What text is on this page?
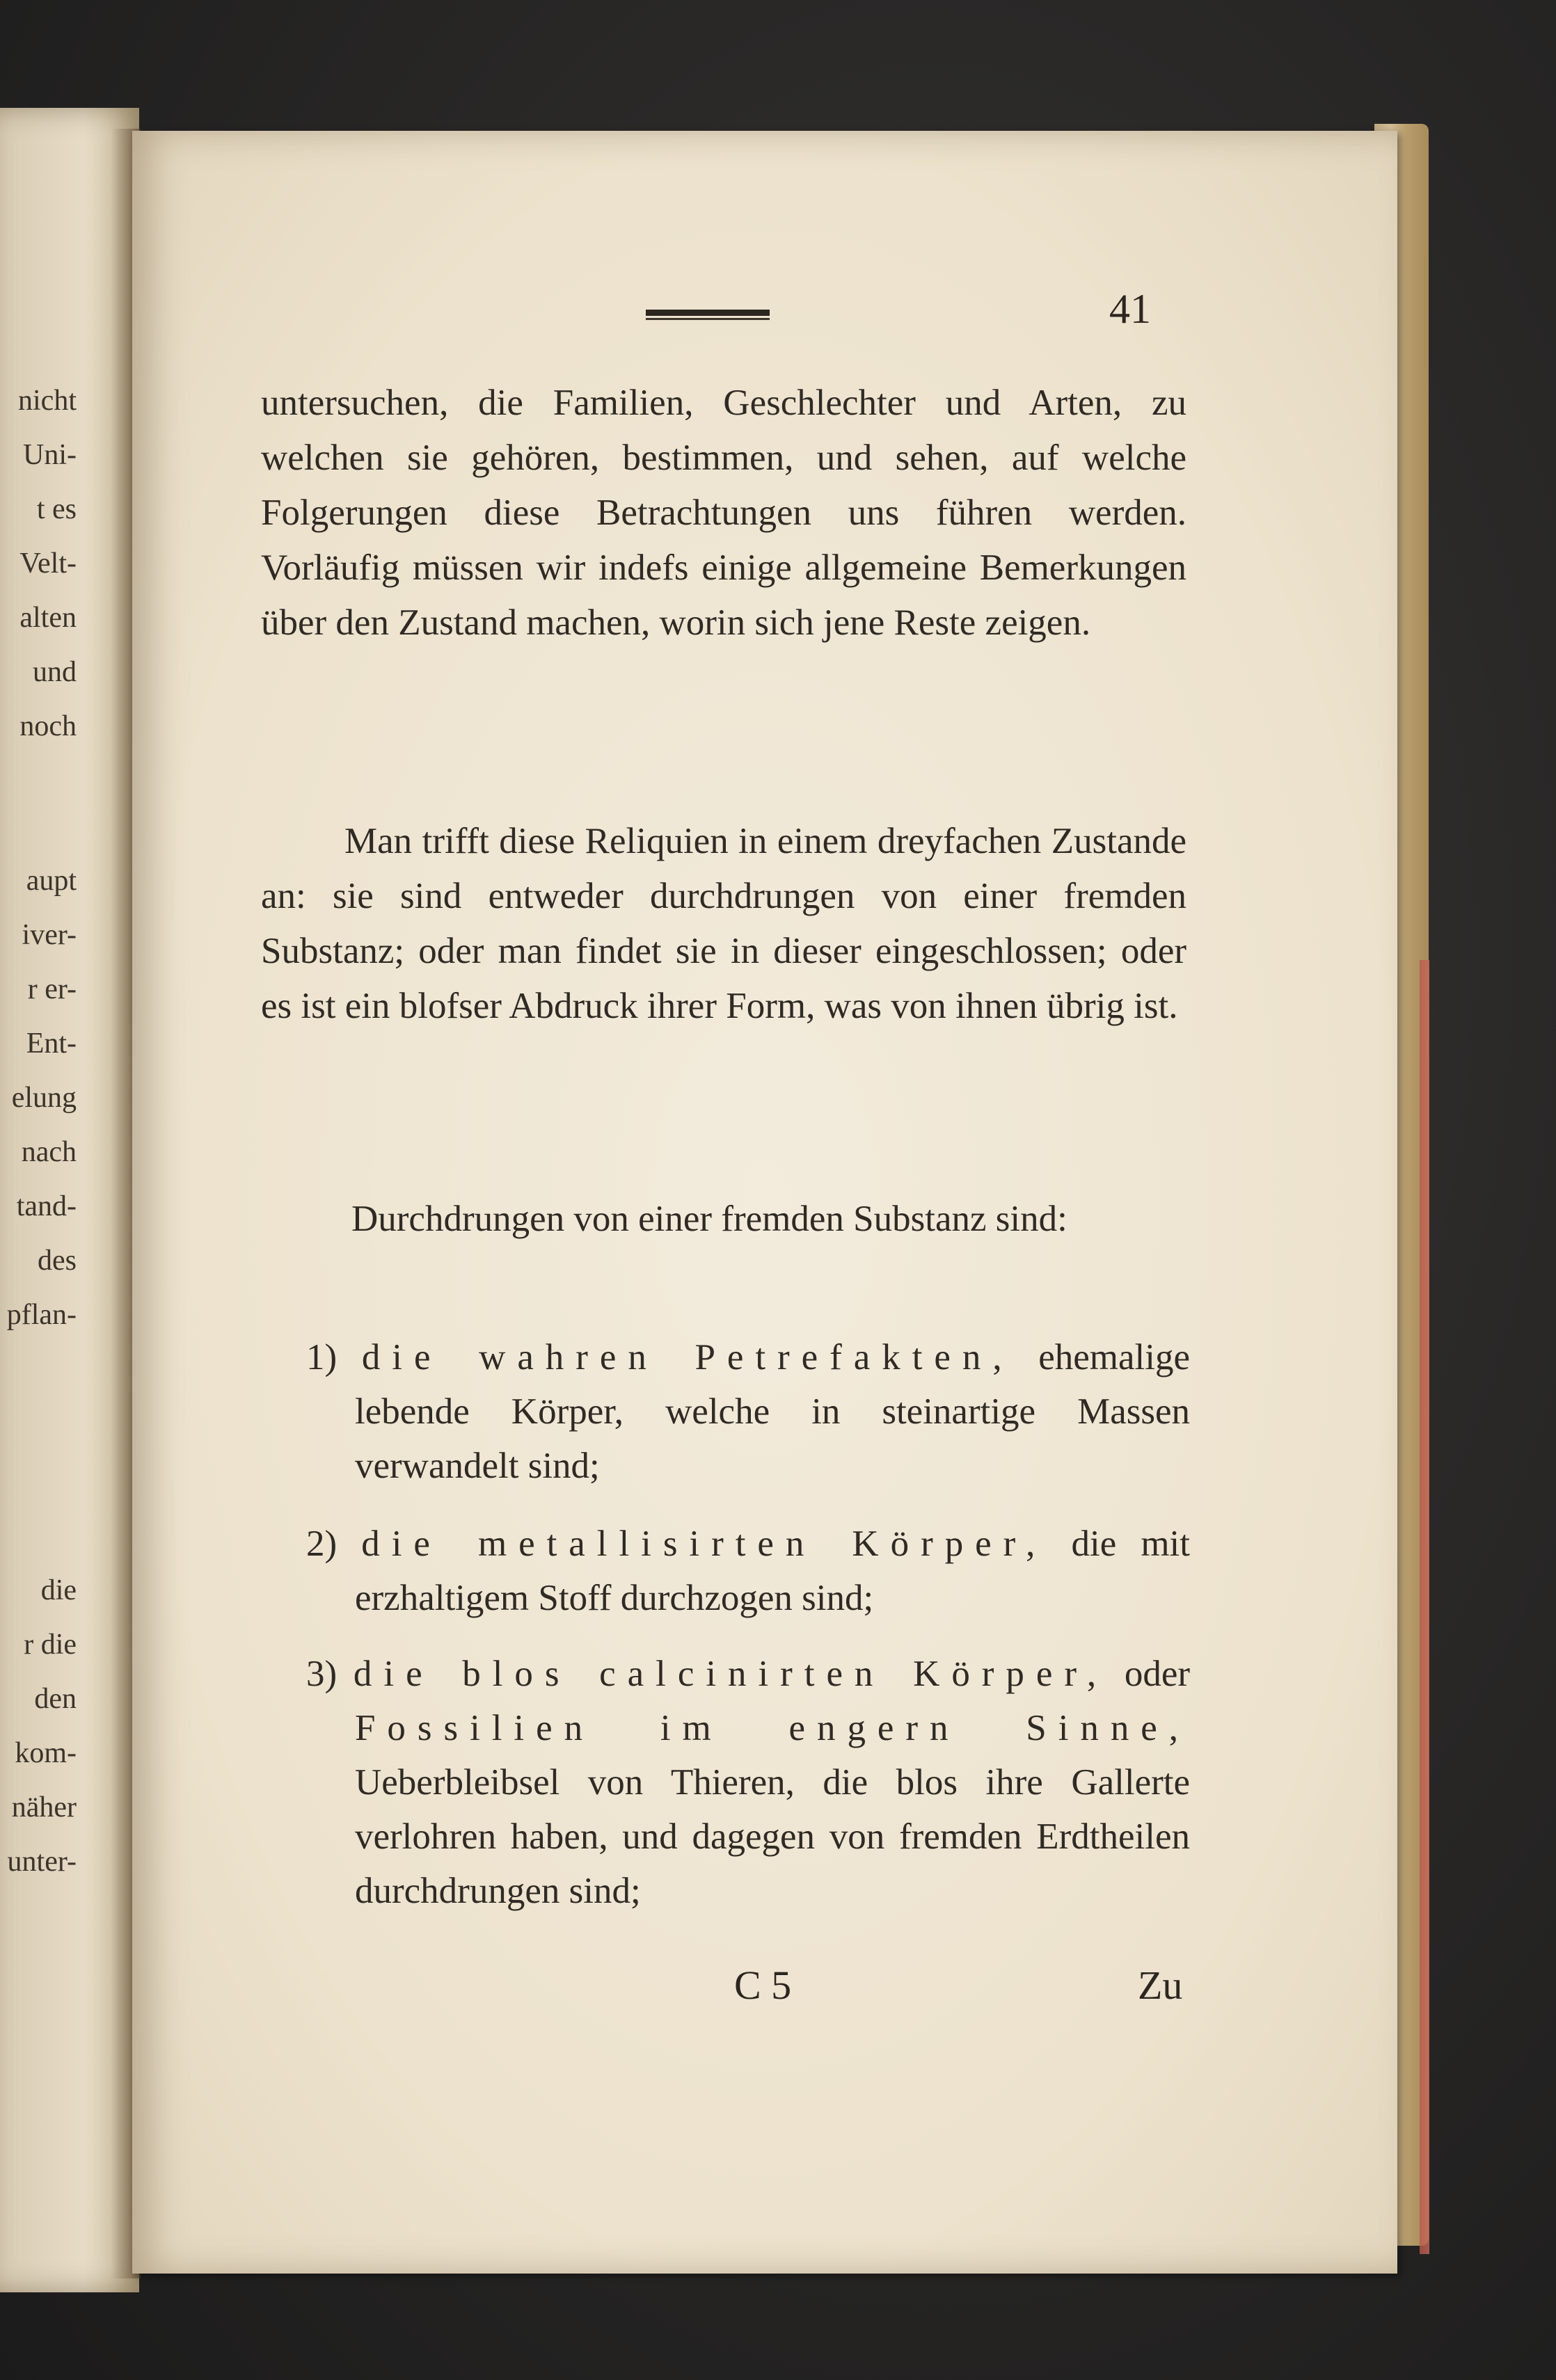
nicht
Uni-
t es
Velt-
alten
und
noch
aupt
iver-
r er-
Ent-
elung
nach
tand-
des
pflan-
die
r die
den
kom-
näher
unter-
41

untersuchen, die Familien, Geschlechter und Arten, zu welchen sie gehören, bestimmen, und sehen, auf welche Folgerungen diese Betrachtungen uns führen werden. Vorläufig müssen wir indefs einige allgemeine Bemerkungen über den Zustand machen, worin sich jene Reste zeigen.

Man trifft diese Reliquien in einem dreyfachen Zustande an: sie sind entweder durchdrungen von einer fremden Substanz; oder man findet sie in dieser eingeschlossen; oder es ist ein blofser Abdruck ihrer Form, was von ihnen übrig ist.

Durchdrungen von einer fremden Substanz sind:

1) die wahren Petrefakten, ehemalige lebende Körper, welche in steinartige Massen verwandelt sind;

2) die metallisirten Körper, die mit erzhaltigem Stoff durchzogen sind;

3) die blos calcinirten Körper, oder Fossilien im engern Sinne, Ueberbleibsel von Thieren, die blos ihre Gallerte verlohren haben, und dagegen von fremden Erdtheilen durchdrungen sind;

C 5	Zu
